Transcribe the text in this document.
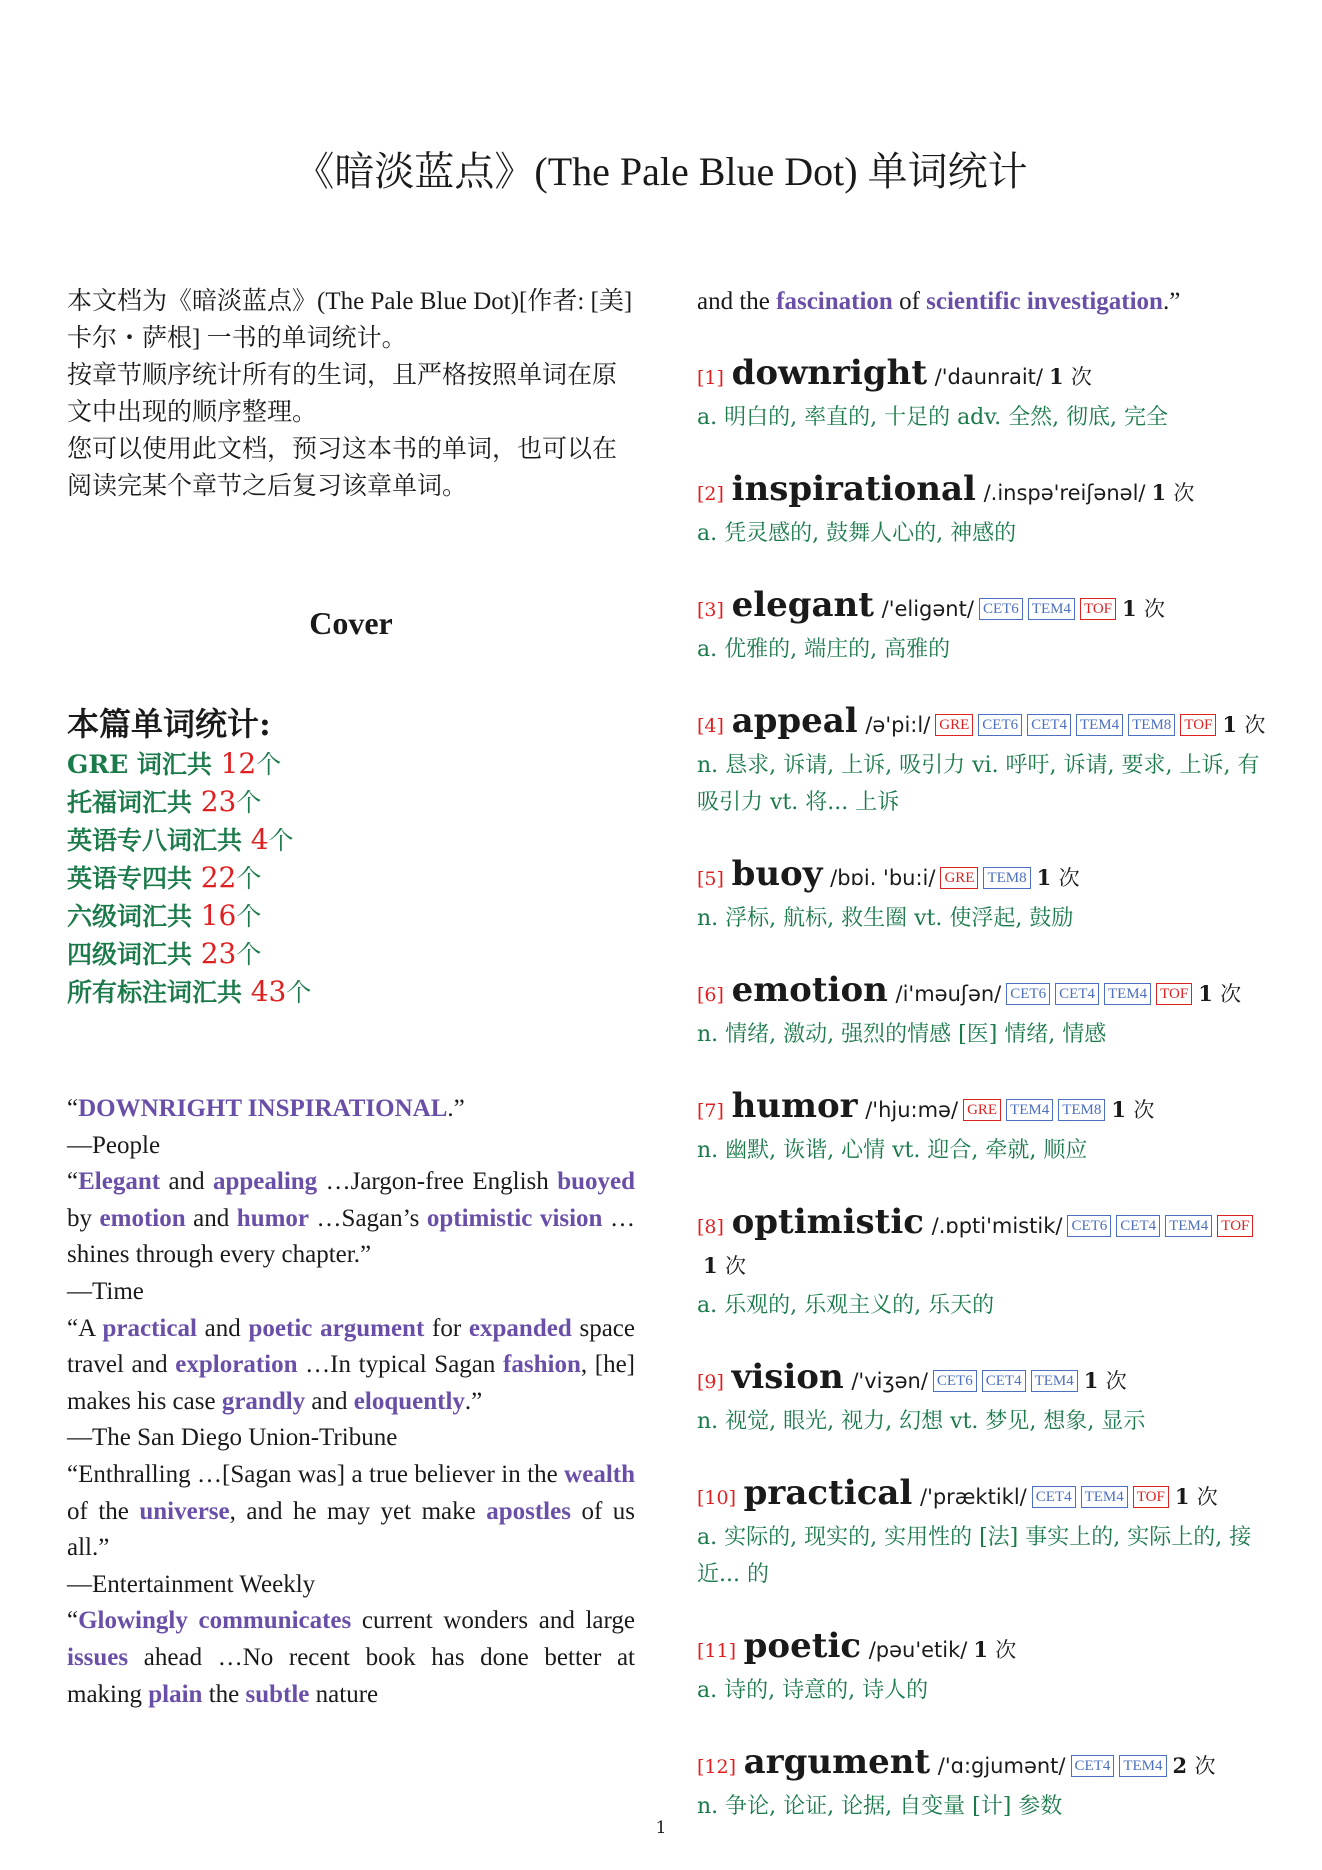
《暗淡蓝点》(The Pale Blue Dot) 单词统计

本文档为《暗淡蓝点》(The Pale Blue Dot)[作者: [美] 卡尔・萨根] 一书的单词统计。

按章节顺序统计所有的生词，且严格按照单词在原文中出现的顺序整理。

您可以使用此文档，预习这本书的单词，也可以在阅读完某个章节之后复习该章单词。

Cover
本篇单词统计:
GRE 词汇共 12个
托福词汇共 23个
英语专八词汇共 4个
英语专四共 22个
六级词汇共 16个
四级词汇共 23个
所有标注词汇共 43个
“DOWNRIGHT INSPIRATIONAL.”
—People
“Elegant and appealing …Jargon-free English buoyed by emotion and humor …Sagan’s optimistic vision …shines through every chapter.”
—Time
“A practical and poetic argument for expanded space travel and exploration …In typical Sagan fashion, [he] makes his case grandly and eloquently.”
—The San Diego Union-Tribune
“Enthralling …[Sagan was] a true believer in the wealth of the universe, and he may yet make apostles of us all.”
—Entertainment Weekly
“Glowingly communicates current wonders and large issues ahead …No recent book has done better at making plain the subtle nature
and the fascination of scientific investigation.”
[1] downright /'daunrait/ 1 次
a. 明白的, 率直的, 十足的 adv. 全然, 彻底, 完全
[2] inspirational /.inspə'reiʃənəl/ 1 次
a. 凭灵感的, 鼓舞人心的, 神感的
[3] elegant /'eligənt/ CET6 TEM4 TOF 1 次
a. 优雅的, 端庄的, 高雅的
[4] appeal /ə'pi:l/ GRE CET6 CET4 TEM4 TEM8 TOF 1 次
n. 恳求, 诉请, 上诉, 吸引力 vi. 呼吁, 诉请, 要求, 上诉, 有吸引力 vt. 将... 上诉
[5] buoy /bɒi. 'bu:i/ GRE TEM8 1 次
n. 浮标, 航标, 救生圈 vt. 使浮起, 鼓励
[6] emotion /i'məuʃən/ CET6 CET4 TEM4 TOF 1 次
n. 情绪, 激动, 强烈的情感 [医] 情绪, 情感
[7] humor /'hju:mə/ GRE TEM4 TEM8 1 次
n. 幽默, 诙谐, 心情 vt. 迎合, 牵就, 顺应
[8] optimistic /.ɒpti'mistik/ CET6 CET4 TEM4 TOF1 次
a. 乐观的, 乐观主义的, 乐天的
[9] vision /'viʒən/ CET6 CET4 TEM4 1 次
n. 视觉, 眼光, 视力, 幻想 vt. 梦见, 想象, 显示
[10] practical /'præktikl/ CET4 TEM4 TOF 1 次
a. 实际的, 现实的, 实用性的 [法] 事实上的, 实际上的, 接近... 的
[11] poetic /pəu'etik/ 1 次
a. 诗的, 诗意的, 诗人的
[12] argument /'ɑ:gjumənt/ CET4 TEM4 2 次
n. 争论, 论证, 论据, 自变量 [计] 参数
1
